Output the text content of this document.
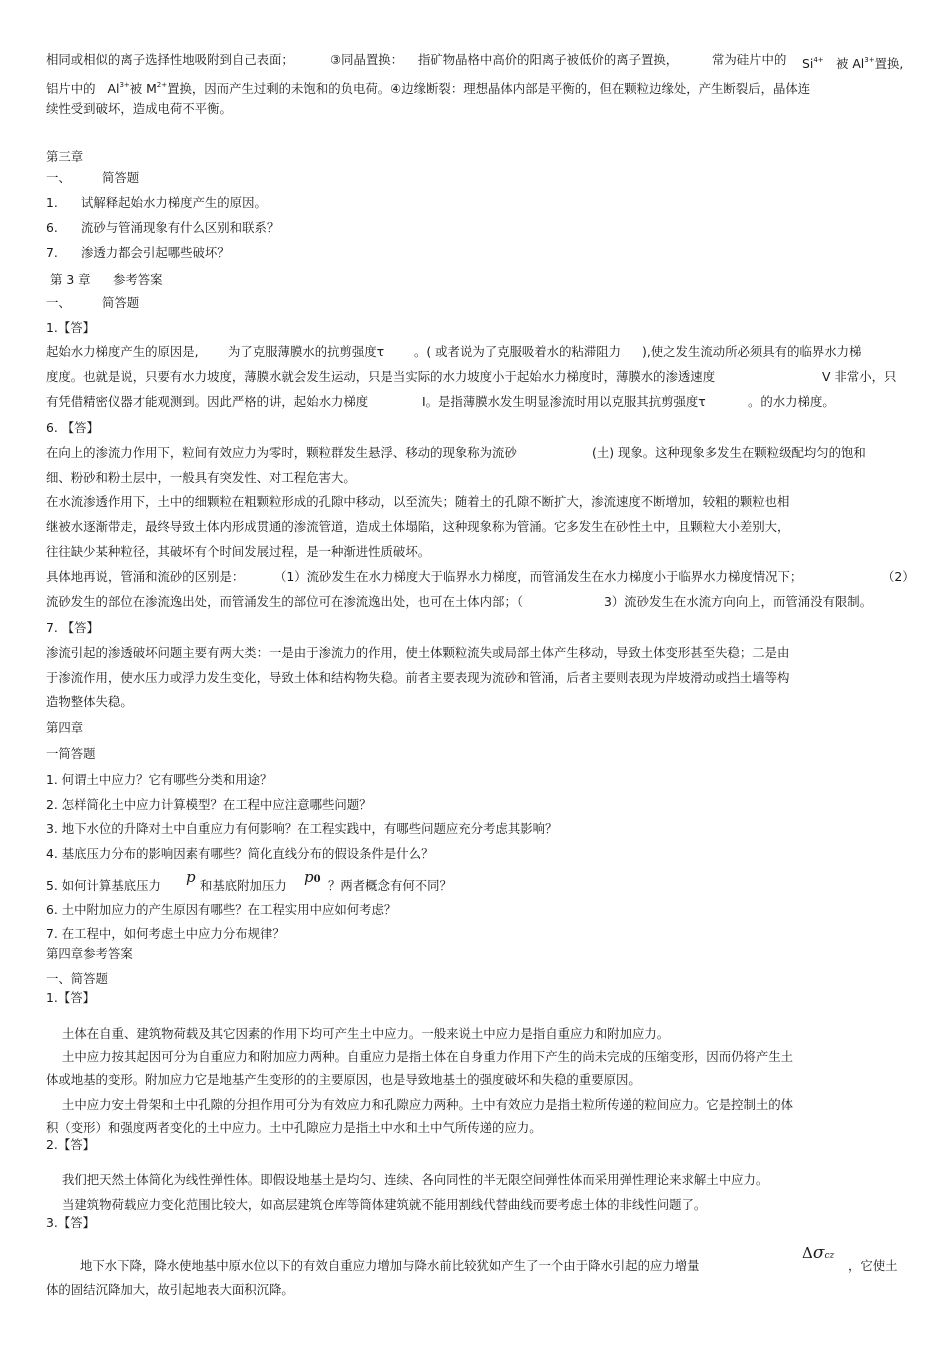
相同或相似的离子选择性地吸附到自己表面；	③同晶置换： 指矿物晶格中高价的阳离子被低价的离子置换，	常为硅片中的 $Si^{4+}$ 被 $Al^{3+}$置换,
铝片中的 $Al^{3+}$被 $M^{2+}$置换，因而产生过剩的未饱和的负电荷。④边缘断裂：理想晶体内部是平衡的，但在颗粒边缘处，产生断裂后，晶体连
续性受到破坏，造成电荷不平衡。
第三章
一、	简答题
1. 试解释起始水力梯度产生的原因。
6. 流砂与管涌现象有什么区别和联系？
7. 渗透力都会引起哪些破坏？
第 3 章 参考答案
一、	简答题
1.【答】
起始水力梯度产生的原因是, 为了克服薄膜水的抗剪强度τ 。( 或者说为了克服吸着水的粘滞阻力 ),使之发生流动所必须具有的临界水力梯
度度。也就是说，只要有水力坡度，薄膜水就会发生运动，只是当实际的水力坡度小于起始水力梯度时，薄膜水的渗透速度	V 非常小，只
有凭借精密仪器才能观测到。因此严格的讲，起始水力梯度	I。是指薄膜水发生明显渗流时用以克服其抗剪强度τ	。的水力梯度。
6. 【答】
在向上的渗流力作用下，粒间有效应力为零时，颗粒群发生悬浮、移动的现象称为流砂	(土) 现象。这种现象多发生在颗粒级配均匀的饱和
细、粉砂和粉土层中，一般具有突发性、对工程危害大。
在水流渗透作用下，土中的细颗粒在粗颗粒形成的孔隙中移动，以至流失；随着土的孔隙不断扩大，渗流速度不断增加，较粗的颗粒也相
继被水逐渐带走，最终导致土体内形成贯通的渗流管道，造成土体塌陷，这种现象称为管涌。它多发生在砂性土中，且颗粒大小差别大，
往往缺少某种粒径，其破坏有个时间发展过程，是一种渐进性质破坏。
具体地再说，管涌和流砂的区别是： （1）流砂发生在水力梯度大于临界水力梯度，而管涌发生在水力梯度小于临界水力梯度情况下；	（2）
流砂发生的部位在渗流逸出处，而管涌发生的部位可在渗流逸出处，也可在土体内部；（	3）流砂发生在水流方向向上，而管涌没有限制。
7. 【答】
渗流引起的渗透破坏问题主要有两大类：一是由于渗流力的作用，使土体颗粒流失或局部土体产生移动，导致土体变形甚至失稳；二是由
于渗流作用，使水压力或浮力发生变化，导致土体和结构物失稳。前者主要表现为流砂和管涌，后者主要则表现为岸坡滑动或挡土墙等构
造物整体失稳。
第四章
一简答题
1. 何谓土中应力？它有哪些分类和用途？
2. 怎样简化土中应力计算模型？在工程中应注意哪些问题？
3. 地下水位的升降对土中自重应力有何影响？在工程实践中，有哪些问题应充分考虑其影响？
4. 基底压力分布的影响因素有哪些？简化直线分布的假设条件是什么？
5. 如何计算基底压力 p 和基底附加压力 p0 ？两者概念有何不同？
6. 土中附加应力的产生原因有哪些？在工程实用中应如何考虑？
7. 在工程中，如何考虑土中应力分布规律？
第四章参考答案
一、简答题
1.【答】
土体在自重、建筑物荷载及其它因素的作用下均可产生土中应力。一般来说土中应力是指自重应力和附加应力。
土中应力按其起因可分为自重应力和附加应力两种。自重应力是指土体在自身重力作用下产生的尚未完成的压缩变形，因而仍将产生土
体或地基的变形。附加应力它是地基产生变形的的主要原因，也是导致地基土的强度破坏和失稳的重要原因。
土中应力安土骨架和土中孔隙的分担作用可分为有效应力和孔隙应力两种。土中有效应力是指土粒所传递的粒间应力。它是控制土的体
积（变形）和强度两者变化的土中应力。土中孔隙应力是指土中水和土中气所传递的应力。
2.【答】
我们把天然土体简化为线性弹性体。即假设地基土是均匀、连续、各向同性的半无限空间弹性体而采用弹性理论来求解土中应力。
当建筑物荷载应力变化范围比较大，如高层建筑仓库等筒体建筑就不能用割线代替曲线而要考虑土体的非线性问题了。
3.【答】
地下水下降，降水使地基中原水位以下的有效自重应力增加与降水前比较犹如产生了一个由于降水引起的应力增量
Δσcz
，它使土
体的固结沉降加大，故引起地表大面积沉降。
